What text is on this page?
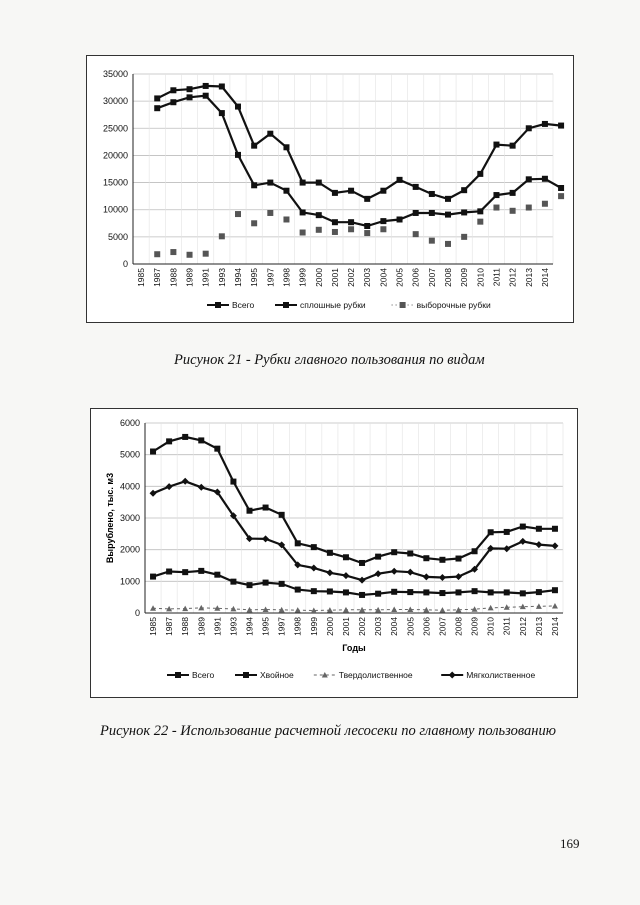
0
5000
10000
15000
20000
25000
30000
35000
1985 1987 1988 1989 1991 1993 1994 1995 1997 1998 1999 2000 2001 2002 2003 2004 2005 2006 2007 2008 2009 2010 2011 2012 2013 2014
Всего	сплошные рубки	выборочные рубки
Рисунок 21 - Рубки главного пользования по видам
0
1000
2000
3000
4000
5000
6000
1985 1987 1988 1989 1991 1993 1994 1995 1997 1998 1999 2000 2001 2002 2003 2004 2005 2006 2007 2008 2009 2010 2011 2012 2013 2014
Вырублено, тыс. м3
Годы
Всего	Хвойное	Твердолиственное	Мягколиственное
Рисунок 22 - Использование расчетной лесосеки по главному пользованию
169
